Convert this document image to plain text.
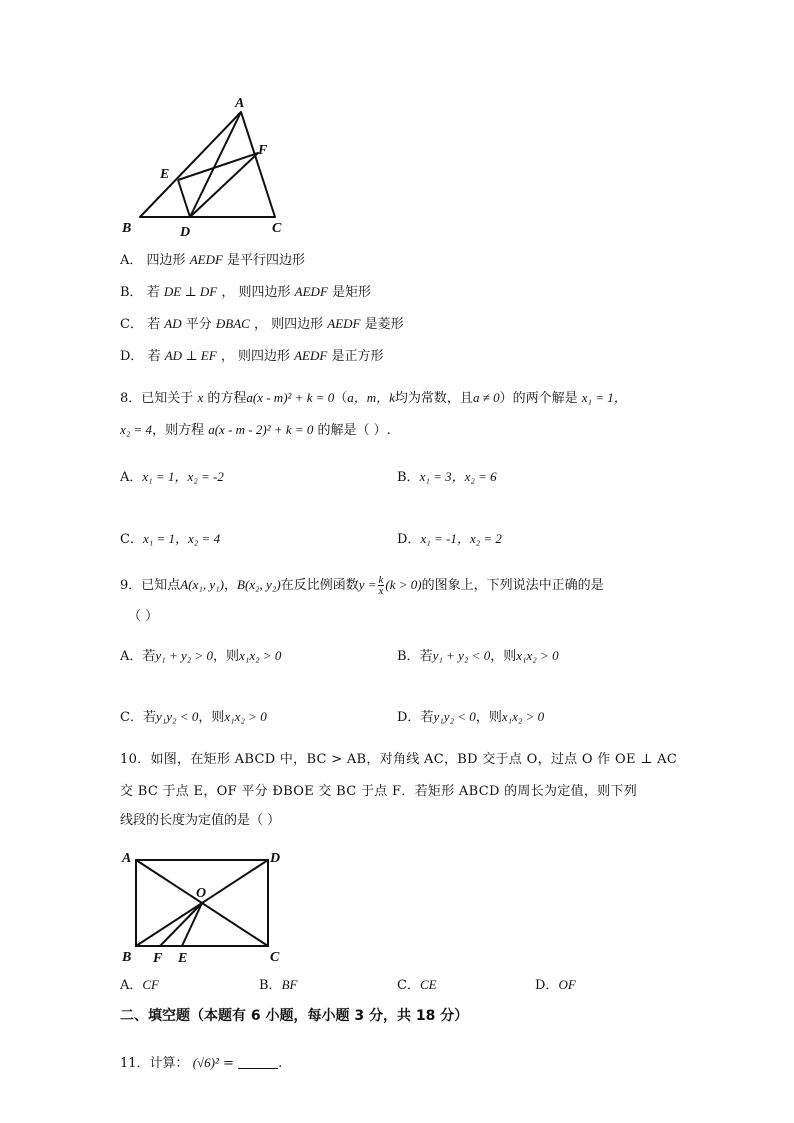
A
E
F
B	D	C
A． 四边形 AEDF 是平行四边形
B． 若 DE ⊥ DF ， 则四边形 AEDF 是矩形
C． 若 AD 平分 ÐBAC ， 则四边形 AEDF 是菱形
D． 若 AD ⊥ EF ， 则四边形 AEDF 是正方形
8．已知关于 x 的方程a(x - m)² + k = 0（a，m，k均为常数，且a ≠ 0）的两个解是 x₁ = 1，
x₂ = 4，则方程 a(x - m - 2)² + k = 0 的解是（ ）.
A．x₁ = 1，x₂ = -2	B．x₁ = 3，x₂ = 6
C．x₁ = 1，x₂ = 4	D．x₁ = -1，x₂ = 2
9．已知点A(x₁, y₁)，B(x₂, y₂)在反比例函数$y = \frac{k}{x} (k > 0)$的图象上，下列说法中正确的是
（ ）
A．若y₁ + y₂ > 0，则x₁x₂ > 0	B．若y₁ + y₂ < 0，则x₁x₂ > 0
C．若y₁y₂ < 0，则x₁x₂ > 0	D．若y₁y₂ < 0，则x₁x₂ > 0
10．如图，在矩形 ABCD 中，BC > AB，对角线 AC，BD 交于点 O，过点 O 作 OE ⊥ AC
交 BC 于点 E，OF 平分 ÐBOE 交 BC 于点 F．若矩形 ABCD 的周长为定值，则下列
线段的长度为定值的是（ ）
A	D
O
B F E	C
A．CF	B．BF	C．CE	D．OF
二、填空题（本题有 6 小题，每小题 3 分，共 18 分）
11．计算： (√6)² =	.
